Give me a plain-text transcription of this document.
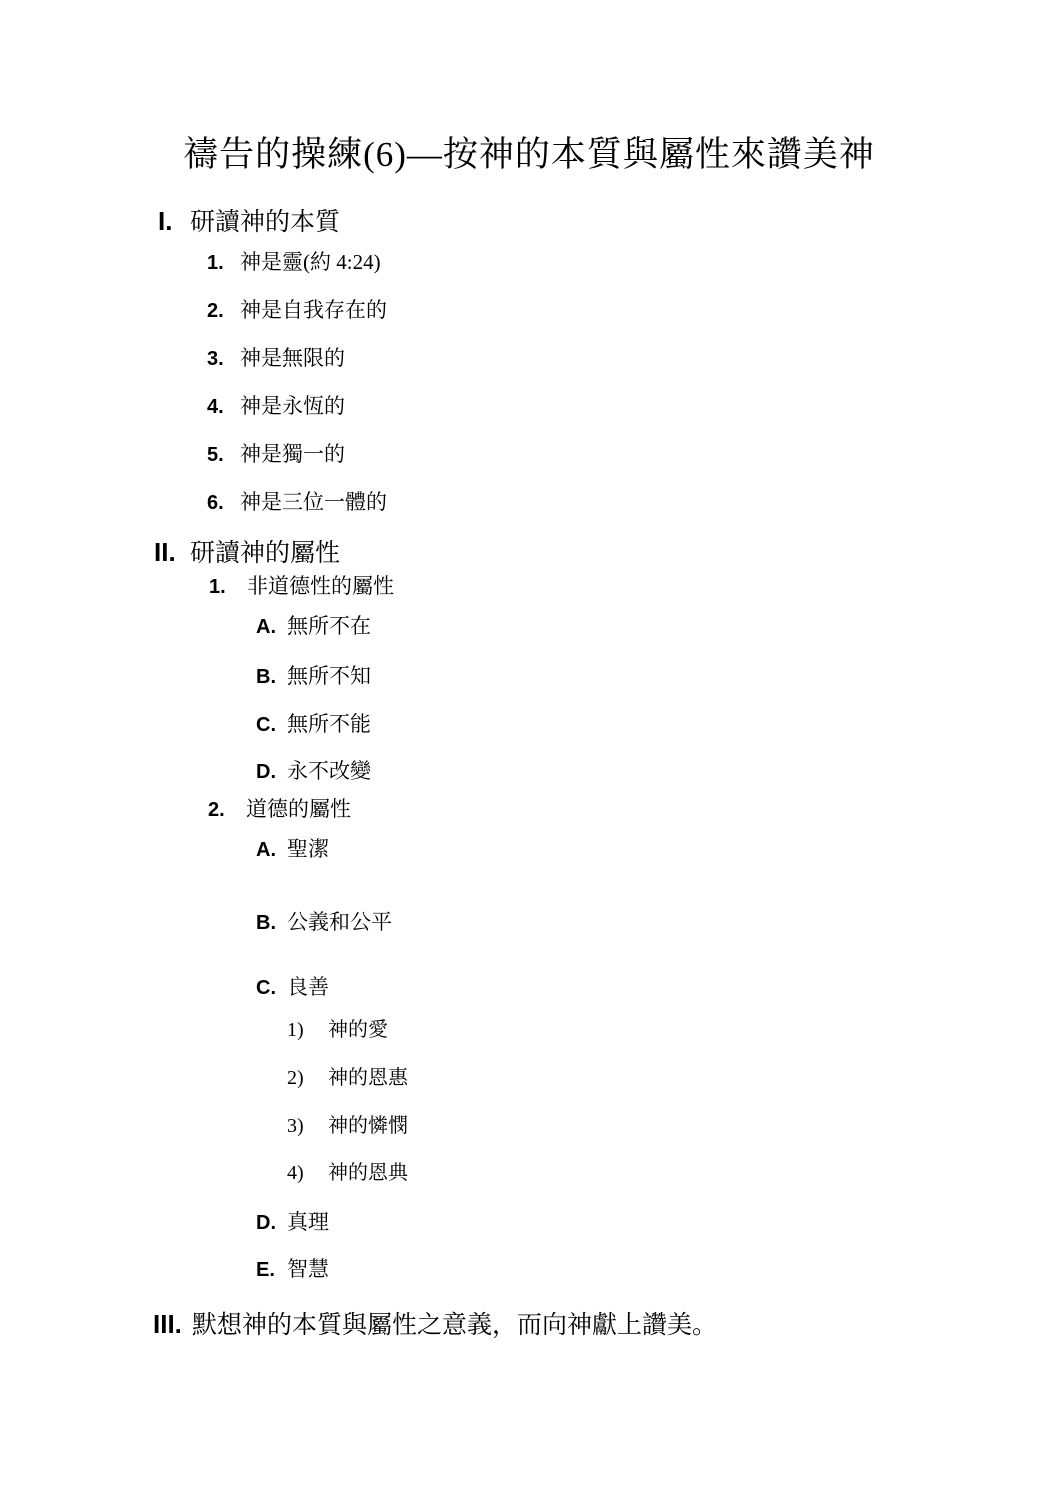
禱告的操練(6)—按神的本質與屬性來讚美神
I. 研讀神的本質
1. 神是靈(約 4:24)
2. 神是自我存在的
3. 神是無限的
4. 神是永恆的
5. 神是獨一的
6. 神是三位一體的
II. 研讀神的屬性
1.	非道德性的屬性
A. 無所不在
B. 無所不知
C. 無所不能
D. 永不改變
2.	道德的屬性
A. 聖潔
B. 公義和公平
C. 良善
1)	神的愛
2)	神的恩惠
3)	神的憐憫
4)	神的恩典
D. 真理
E. 智慧
III. 默想神的本質與屬性之意義，而向神獻上讚美。
